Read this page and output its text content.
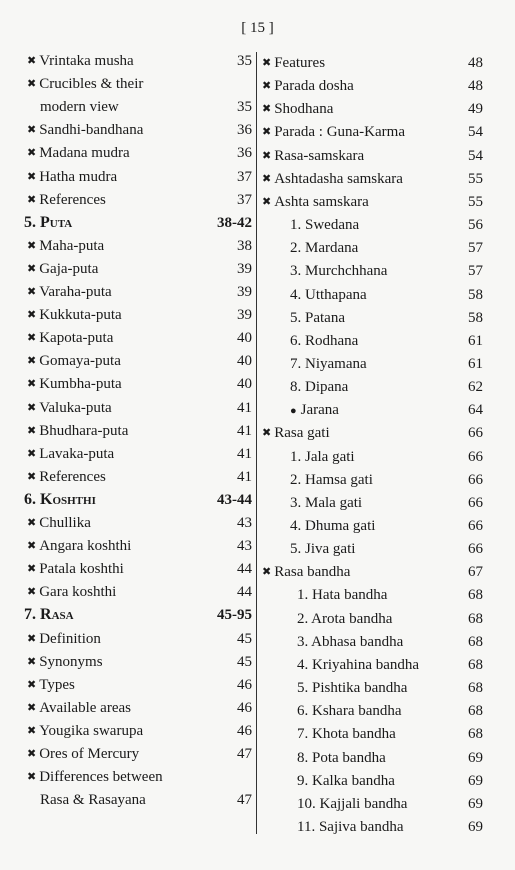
[ 15 ]
✖ Vrintaka musha	35
✖ Crucibles & their
modern view	35
✖ Sandhi-bandhana	36
✖ Madana mudra	36
✖ Hatha mudra	37
✖ References	37
5. Puta	38-42
✖ Maha-puta	38
✖ Gaja-puta	39
✖ Varaha-puta	39
✖ Kukkuta-puta	39
✖ Kapota-puta	40
✖ Gomaya-puta	40
✖ Kumbha-puta	40
✖ Valuka-puta	41
✖ Bhudhara-puta	41
✖ Lavaka-puta	41
✖ References	41
6. Koshthi	43-44
✖ Chullika	43
✖ Angara koshthi	43
✖ Patala koshthi	44
✖ Gara koshthi	44
7. Rasa	45-95
✖ Definition	45
✖ Synonyms	45
✖ Types	46
✖ Available areas	46
✖ Yougika swarupa	46
✖ Ores of Mercury	47
✖ Differences between
Rasa & Rasayana	47
✖ Features	48
✖ Parada dosha	48
✖ Shodhana	49
✖ Parada : Guna-Karma	54
✖ Rasa-samskara	54
✖ Ashtadasha samskara	55
✖ Ashta samskara	55
1. Swedana	56
2. Mardana	57
3. Murchchhana	57
4. Utthapana	58
5. Patana	58
6. Rodhana	61
7. Niyamana	61
8. Dipana	62
● Jarana	64
✖ Rasa gati	66
1. Jala gati	66
2. Hamsa gati	66
3. Mala gati	66
4. Dhuma gati	66
5. Jiva gati	66
✖ Rasa bandha	67
1. Hata bandha	68
2. Arota bandha	68
3. Abhasa bandha	68
4. Kriyahina bandha	68
5. Pishtika bandha	68
6. Kshara bandha	68
7. Khota bandha	68
8. Pota bandha	69
9. Kalka bandha	69
10. Kajjali bandha	69
11. Sajiva bandha	69
